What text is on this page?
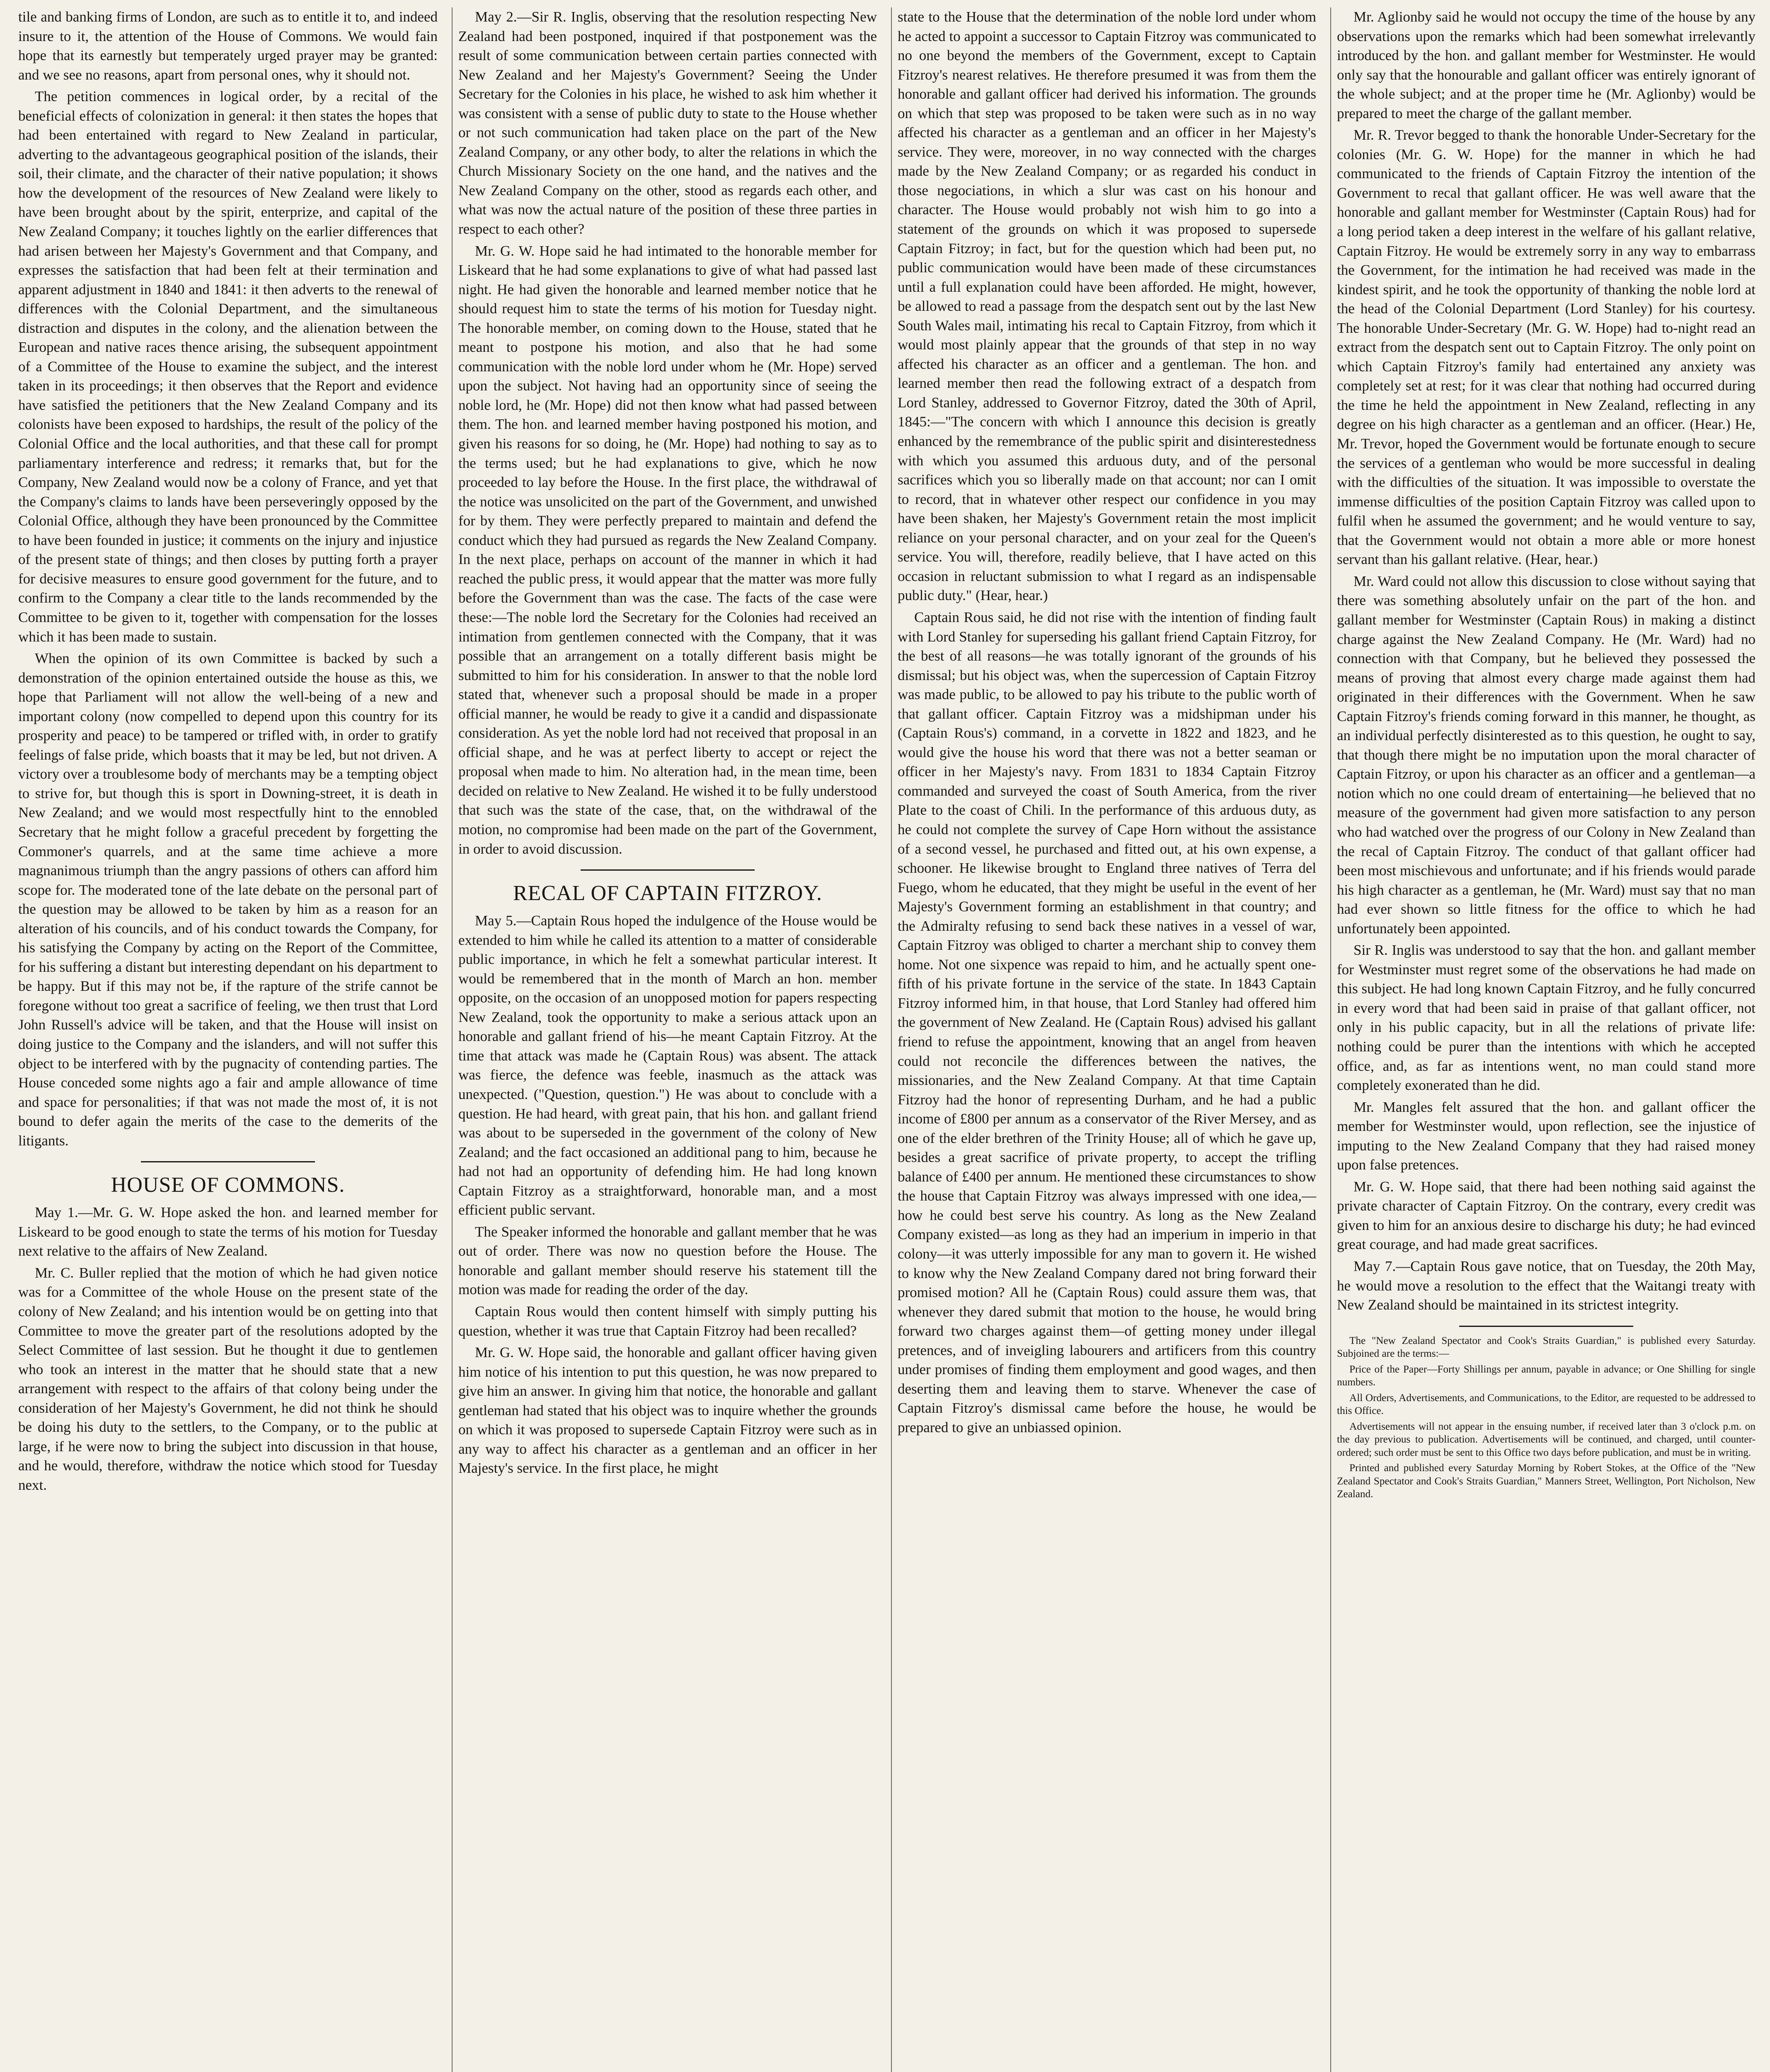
tile and banking firms of London, are such as to entitle it to, and indeed insure to it, the attention of the House of Commons. We would fain hope that its earnestly but temperately urged prayer may be granted: and we see no reasons, apart from personal ones, why it should not.

The petition commences in logical order, by a recital of the beneficial effects of colonization in general: it then states the hopes that had been entertained with regard to New Zealand in particular, adverting to the advantageous geographical position of the islands, their soil, their climate, and the character of their native population; it shows how the development of the resources of New Zealand were likely to have been brought about by the spirit, enterprize, and capital of the New Zealand Company; it touches lightly on the earlier differences that had arisen between her Majesty's Government and that Company, and expresses the satisfaction that had been felt at their termination and apparent adjustment in 1840 and 1841: it then adverts to the renewal of differences with the Colonial Department, and the simultaneous distraction and disputes in the colony, and the alienation between the European and native races thence arising, the subsequent appointment of a Committee of the House to examine the subject, and the interest taken in its proceedings; it then observes that the Report and evidence have satisfied the petitioners that the New Zealand Company and its colonists have been exposed to hardships, the result of the policy of the Colonial Office and the local authorities, and that these call for prompt parliamentary interference and redress; it remarks that, but for the Company, New Zealand would now be a colony of France, and yet that the Company's claims to lands have been perseveringly opposed by the Colonial Office, although they have been pronounced by the Committee to have been founded in justice; it comments on the injury and injustice of the present state of things; and then closes by putting forth a prayer for decisive measures to ensure good government for the future, and to confirm to the Company a clear title to the lands recommended by the Committee to be given to it, together with compensation for the losses which it has been made to sustain.

When the opinion of its own Committee is backed by such a demonstration of the opinion entertained outside the house as this, we hope that Parliament will not allow the well-being of a new and important colony (now compelled to depend upon this country for its prosperity and peace) to be tampered or trifled with, in order to gratify feelings of false pride, which boasts that it may be led, but not driven. A victory over a troublesome body of merchants may be a tempting object to strive for, but though this is sport in Downing-street, it is death in New Zealand; and we would most respectfully hint to the ennobled Secretary that he might follow a graceful precedent by forgetting the Commoner's quarrels, and at the same time achieve a more magnanimous triumph than the angry passions of others can afford him scope for. The moderated tone of the late debate on the personal part of the question may be allowed to be taken by him as a reason for an alteration of his councils, and of his conduct towards the Company, for his satisfying the Company by acting on the Report of the Committee, for his suffering a distant but interesting dependant on his department to be happy. But if this may not be, if the rapture of the strife cannot be foregone without too great a sacrifice of feeling, we then trust that Lord John Russell's advice will be taken, and that the House will insist on doing justice to the Company and the islanders, and will not suffer this object to be interfered with by the pugnacity of contending parties. The House conceded some nights ago a fair and ample allowance of time and space for personalities; if that was not made the most of, it is not bound to defer again the merits of the case to the demerits of the litigants.

HOUSE OF COMMONS.

May 1.—Mr. G. W. Hope asked the hon. and learned member for Liskeard to be good enough to state the terms of his motion for Tuesday next relative to the affairs of New Zealand.

Mr. C. Buller replied that the motion of which he had given notice was for a Committee of the whole House on the present state of the colony of New Zealand; and his intention would be on getting into that Committee to move the greater part of the resolutions adopted by the Select Committee of last session. But he thought it due to gentlemen who took an interest in the matter that he should state that a new arrangement with respect to the affairs of that colony being under the consideration of her Majesty's Government, he did not think he should be doing his duty to the settlers, to the Company, or to the public at large, if he were now to bring the subject into discussion in that house, and he would, therefore, withdraw the notice which stood for Tuesday next.

May 2.—Sir R. Inglis, observing that the resolution respecting New Zealand had been postponed, inquired if that postponement was the result of some communication between certain parties connected with New Zealand and her Majesty's Government? Seeing the Under Secretary for the Colonies in his place, he wished to ask him whether it was consistent with a sense of public duty to state to the House whether or not such communication had taken place on the part of the New Zealand Company, or any other body, to alter the relations in which the Church Missionary Society on the one hand, and the natives and the New Zealand Company on the other, stood as regards each other, and what was now the actual nature of the position of these three parties in respect to each other?

Mr. G. W. Hope said he had intimated to the honorable member for Liskeard that he had some explanations to give of what had passed last night. He had given the honorable and learned member notice that he should request him to state the terms of his motion for Tuesday night. The honorable member, on coming down to the House, stated that he meant to postpone his motion, and also that he had some communication with the noble lord under whom he (Mr. Hope) served upon the subject. Not having had an opportunity since of seeing the noble lord, he (Mr. Hope) did not then know what had passed between them. The hon. and learned member having postponed his motion, and given his reasons for so doing, he (Mr. Hope) had nothing to say as to the terms used; but he had explanations to give, which he now proceeded to lay before the House. In the first place, the withdrawal of the notice was unsolicited on the part of the Government, and unwished for by them. They were perfectly prepared to maintain and defend the conduct which they had pursued as regards the New Zealand Company. In the next place, perhaps on account of the manner in which it had reached the public press, it would appear that the matter was more fully before the Government than was the case. The facts of the case were these:—The noble lord the Secretary for the Colonies had received an intimation from gentlemen connected with the Company, that it was possible that an arrangement on a totally different basis might be submitted to him for his consideration. In answer to that the noble lord stated that, whenever such a proposal should be made in a proper official manner, he would be ready to give it a candid and dispassionate consideration. As yet the noble lord had not received that proposal in an official shape, and he was at perfect liberty to accept or reject the proposal when made to him. No alteration had, in the mean time, been decided on relative to New Zealand. He wished it to be fully understood that such was the state of the case, that, on the withdrawal of the motion, no compromise had been made on the part of the Government, in order to avoid discussion.

RECAL OF CAPTAIN FITZROY.

May 5.—Captain Rous hoped the indulgence of the House would be extended to him while he called its attention to a matter of considerable public importance, in which he felt a somewhat particular interest. It would be remembered that in the month of March an hon. member opposite, on the occasion of an unopposed motion for papers respecting New Zealand, took the opportunity to make a serious attack upon an honorable and gallant friend of his—he meant Captain Fitzroy. At the time that attack was made he (Captain Rous) was absent. The attack was fierce, the defence was feeble, inasmuch as the attack was unexpected. ("Question, question.") He was about to conclude with a question. He had heard, with great pain, that his hon. and gallant friend was about to be superseded in the government of the colony of New Zealand; and the fact occasioned an additional pang to him, because he had not had an opportunity of defending him. He had long known Captain Fitzroy as a straightforward, honorable man, and a most efficient public servant.

The Speaker informed the honorable and gallant member that he was out of order. There was now no question before the House. The honorable and gallant member should reserve his statement till the motion was made for reading the order of the day.

Captain Rous would then content himself with simply putting his question, whether it was true that Captain Fitzroy had been recalled?

Mr. G. W. Hope said, the honorable and gallant officer having given him notice of his intention to put this question, he was now prepared to give him an answer. In giving him that notice, the honorable and gallant gentleman had stated that his object was to inquire whether the grounds on which it was proposed to supersede Captain Fitzroy were such as in any way to affect his character as a gentleman and an officer in her Majesty's service. In the first place, he might

state to the House that the determination of the noble lord under whom he acted to appoint a successor to Captain Fitzroy was communicated to no one beyond the members of the Government, except to Captain Fitzroy's nearest relatives. He therefore presumed it was from them the honorable and gallant officer had derived his information. The grounds on which that step was proposed to be taken were such as in no way affected his character as a gentleman and an officer in her Majesty's service. They were, moreover, in no way connected with the charges made by the New Zealand Company; or as regarded his conduct in those negociations, in which a slur was cast on his honour and character. The House would probably not wish him to go into a statement of the grounds on which it was proposed to supersede Captain Fitzroy; in fact, but for the question which had been put, no public communication would have been made of these circumstances until a full explanation could have been afforded. He might, however, be allowed to read a passage from the despatch sent out by the last New South Wales mail, intimating his recal to Captain Fitzroy, from which it would most plainly appear that the grounds of that step in no way affected his character as an officer and a gentleman. The hon. and learned member then read the following extract of a despatch from Lord Stanley, addressed to Governor Fitzroy, dated the 30th of April, 1845:—"The concern with which I announce this decision is greatly enhanced by the remembrance of the public spirit and disinterestedness with which you assumed this arduous duty, and of the personal sacrifices which you so liberally made on that account; nor can I omit to record, that in whatever other respect our confidence in you may have been shaken, her Majesty's Government retain the most implicit reliance on your personal character, and on your zeal for the Queen's service. You will, therefore, readily believe, that I have acted on this occasion in reluctant submission to what I regard as an indispensable public duty." (Hear, hear.)

Captain Rous said, he did not rise with the intention of finding fault with Lord Stanley for superseding his gallant friend Captain Fitzroy, for the best of all reasons—he was totally ignorant of the grounds of his dismissal; but his object was, when the supercession of Captain Fitzroy was made public, to be allowed to pay his tribute to the public worth of that gallant officer. Captain Fitzroy was a midshipman under his (Captain Rous's) command, in a corvette in 1822 and 1823, and he would give the house his word that there was not a better seaman or officer in her Majesty's navy. From 1831 to 1834 Captain Fitzroy commanded and surveyed the coast of South America, from the river Plate to the coast of Chili. In the performance of this arduous duty, as he could not complete the survey of Cape Horn without the assistance of a second vessel, he purchased and fitted out, at his own expense, a schooner. He likewise brought to England three natives of Terra del Fuego, whom he educated, that they might be useful in the event of her Majesty's Government forming an establishment in that country; and the Admiralty refusing to send back these natives in a vessel of war, Captain Fitzroy was obliged to charter a merchant ship to convey them home. Not one sixpence was repaid to him, and he actually spent one-fifth of his private fortune in the service of the state. In 1843 Captain Fitzroy informed him, in that house, that Lord Stanley had offered him the government of New Zealand. He (Captain Rous) advised his gallant friend to refuse the appointment, knowing that an angel from heaven could not reconcile the differences between the natives, the missionaries, and the New Zealand Company. At that time Captain Fitzroy had the honor of representing Durham, and he had a public income of £800 per annum as a conservator of the River Mersey, and as one of the elder brethren of the Trinity House; all of which he gave up, besides a great sacrifice of private property, to accept the trifling balance of £400 per annum. He mentioned these circumstances to show the house that Captain Fitzroy was always impressed with one idea,—how he could best serve his country. As long as the New Zealand Company existed—as long as they had an imperium in imperio in that colony—it was utterly impossible for any man to govern it. He wished to know why the New Zealand Company dared not bring forward their promised motion? All he (Captain Rous) could assure them was, that whenever they dared submit that motion to the house, he would bring forward two charges against them—of getting money under illegal pretences, and of inveigling labourers and artificers from this country under promises of finding them employment and good wages, and then deserting them and leaving them to starve. Whenever the case of Captain Fitzroy's dismissal came before the house, he would be prepared to give an unbiassed opinion.

Mr. Aglionby said he would not occupy the time of the house by any observations upon the remarks which had been somewhat irrelevantly introduced by the hon. and gallant member for Westminster. He would only say that the honourable and gallant officer was entirely ignorant of the whole subject; and at the proper time he (Mr. Aglionby) would be prepared to meet the charge of the gallant member.

Mr. R. Trevor begged to thank the honorable Under-Secretary for the colonies (Mr. G. W. Hope) for the manner in which he had communicated to the friends of Captain Fitzroy the intention of the Government to recal that gallant officer. He was well aware that the honorable and gallant member for Westminster (Captain Rous) had for a long period taken a deep interest in the welfare of his gallant relative, Captain Fitzroy. He would be extremely sorry in any way to embarrass the Government, for the intimation he had received was made in the kindest spirit, and he took the opportunity of thanking the noble lord at the head of the Colonial Department (Lord Stanley) for his courtesy. The honorable Under-Secretary (Mr. G. W. Hope) had to-night read an extract from the despatch sent out to Captain Fitzroy. The only point on which Captain Fitzroy's family had entertained any anxiety was completely set at rest; for it was clear that nothing had occurred during the time he held the appointment in New Zealand, reflecting in any degree on his high character as a gentleman and an officer. (Hear.) He, Mr. Trevor, hoped the Government would be fortunate enough to secure the services of a gentleman who would be more successful in dealing with the difficulties of the situation. It was impossible to overstate the immense difficulties of the position Captain Fitzroy was called upon to fulfil when he assumed the government; and he would venture to say, that the Government would not obtain a more able or more honest servant than his gallant relative. (Hear, hear.)

Mr. Ward could not allow this discussion to close without saying that there was something absolutely unfair on the part of the hon. and gallant member for Westminster (Captain Rous) in making a distinct charge against the New Zealand Company. He (Mr. Ward) had no connection with that Company, but he believed they possessed the means of proving that almost every charge made against them had originated in their differences with the Government. When he saw Captain Fitzroy's friends coming forward in this manner, he thought, as an individual perfectly disinterested as to this question, he ought to say, that though there might be no imputation upon the moral character of Captain Fitzroy, or upon his character as an officer and a gentleman—a notion which no one could dream of entertaining—he believed that no measure of the government had given more satisfaction to any person who had watched over the progress of our Colony in New Zealand than the recal of Captain Fitzroy. The conduct of that gallant officer had been most mischievous and unfortunate; and if his friends would parade his high character as a gentleman, he (Mr. Ward) must say that no man had ever shown so little fitness for the office to which he had unfortunately been appointed.

Sir R. Inglis was understood to say that the hon. and gallant member for Westminster must regret some of the observations he had made on this subject. He had long known Captain Fitzroy, and he fully concurred in every word that had been said in praise of that gallant officer, not only in his public capacity, but in all the relations of private life: nothing could be purer than the intentions with which he accepted office, and, as far as intentions went, no man could stand more completely exonerated than he did.

Mr. Mangles felt assured that the hon. and gallant officer the member for Westminster would, upon reflection, see the injustice of imputing to the New Zealand Company that they had raised money upon false pretences.

Mr. G. W. Hope said, that there had been nothing said against the private character of Captain Fitzroy. On the contrary, every credit was given to him for an anxious desire to discharge his duty; he had evinced great courage, and had made great sacrifices.

May 7.—Captain Rous gave notice, that on Tuesday, the 20th May, he would move a resolution to the effect that the Waitangi treaty with New Zealand should be maintained in its strictest integrity.

The "New Zealand Spectator and Cook's Straits Guardian," is published every Saturday. Subjoined are the terms:—

Price of the Paper—Forty Shillings per annum, payable in advance; or One Shilling for single numbers.

All Orders, Advertisements, and Communications, to the Editor, are requested to be addressed to this Office.

Advertisements will not appear in the ensuing number, if received later than 3 o'clock p.m. on the day previous to publication. Advertisements will be continued, and charged, until counter-ordered; such order must be sent to this Office two days before publication, and must be in writing.

Printed and published every Saturday Morning by Robert Stokes, at the Office of the "New Zealand Spectator and Cook's Straits Guardian," Manners Street, Wellington, Port Nicholson, New Zealand.
